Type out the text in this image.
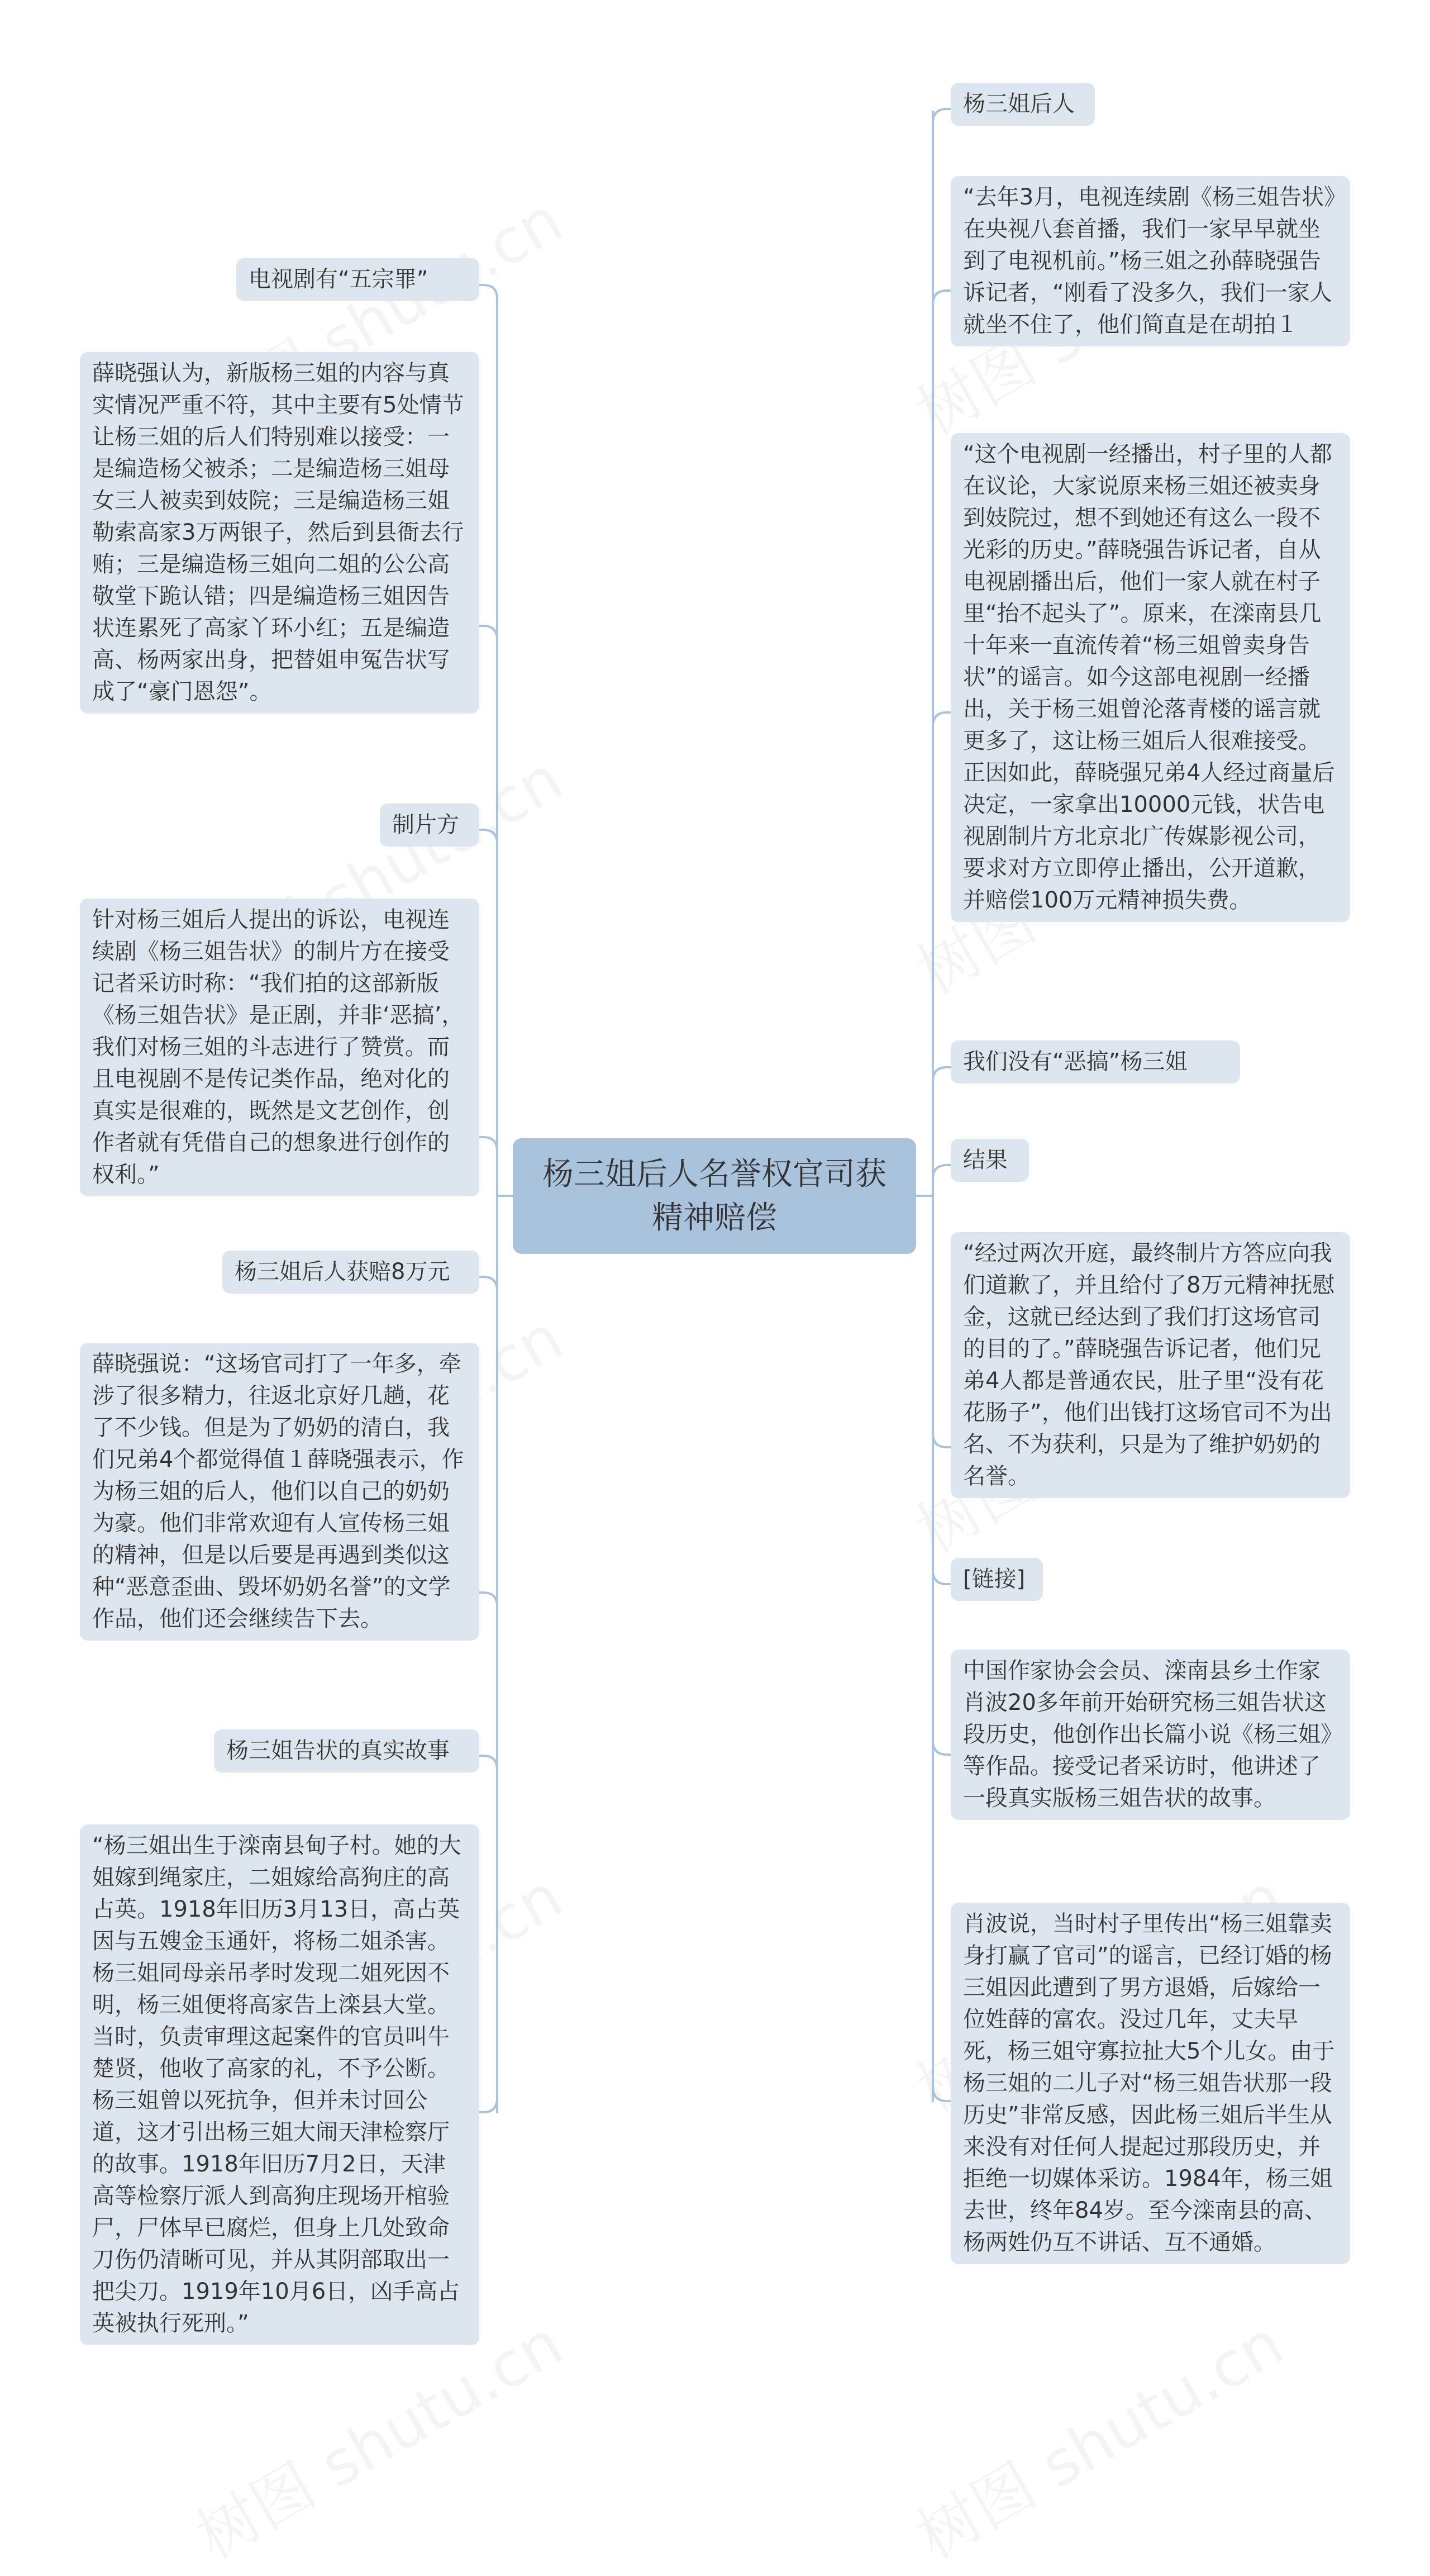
杨三姐后人名誉权官司获精神赔偿
电视剧有“五宗罪”
薛晓强认为，新版杨三姐的内容与真实情况严重不符，其中主要有5处情节让杨三姐的后人们特别难以接受：一是编造杨父被杀；二是编造杨三姐母女三人被卖到妓院；三是编造杨三姐勒索高家3万两银子，然后到县衙去行贿；三是编造杨三姐向二姐的公公高敬堂下跪认错；四是编造杨三姐因告状连累死了高家丫环小红；五是编造高、杨两家出身，把替姐申冤告状写成了“豪门恩怨”。
制片方
针对杨三姐后人提出的诉讼，电视连续剧《杨三姐告状》的制片方在接受记者采访时称：“我们拍的这部新版《杨三姐告状》是正剧，并非‘恶搞’，我们对杨三姐的斗志进行了赞赏。而且电视剧不是传记类作品，绝对化的真实是很难的，既然是文艺创作，创作者就有凭借自己的想象进行创作的权利。”
杨三姐后人获赔8万元
薛晓强说：“这场官司打了一年多，牵涉了很多精力，往返北京好几趟，花了不少钱。但是为了奶奶的清白，我们兄弟4个都觉得值１薛晓强表示，作为杨三姐的后人，他们以自己的奶奶为豪。他们非常欢迎有人宣传杨三姐的精神，但是以后要是再遇到类似这种“恶意歪曲、毁坏奶奶名誉”的文学作品，他们还会继续告下去。
杨三姐告状的真实故事
“杨三姐出生于滦南县甸子村。她的大姐嫁到绳家庄，二姐嫁给高狗庄的高占英。1918年旧历3月13日，高占英因与五嫂金玉通奸，将杨二姐杀害。杨三姐同母亲吊孝时发现二姐死因不明，杨三姐便将高家告上滦县大堂。当时，负责审理这起案件的官员叫牛楚贤，他收了高家的礼，不予公断。杨三姐曾以死抗争，但并未讨回公道，这才引出杨三姐大闹天津检察厅的故事。1918年旧历7月2日，天津高等检察厅派人到高狗庄现场开棺验尸，尸体早已腐烂，但身上几处致命刀伤仍清晰可见，并从其阴部取出一把尖刀。1919年10月6日，凶手高占英被执行死刑。”
杨三姐后人
“去年3月，电视连续剧《杨三姐告状》在央视八套首播，我们一家早早就坐到了电视机前。”杨三姐之孙薛晓强告诉记者，“刚看了没多久，我们一家人就坐不住了，他们简直是在胡拍１
“这个电视剧一经播出，村子里的人都在议论，大家说原来杨三姐还被卖身到妓院过，想不到她还有这么一段不光彩的历史。”薛晓强告诉记者，自从电视剧播出后，他们一家人就在村子里“抬不起头了”。原来，在滦南县几十年来一直流传着“杨三姐曾卖身告状”的谣言。如今这部电视剧一经播出，关于杨三姐曾沦落青楼的谣言就更多了，这让杨三姐后人很难接受。正因如此，薛晓强兄弟4人经过商量后决定，一家拿出10000元钱，状告电视剧制片方北京北广传媒影视公司，要求对方立即停止播出，公开道歉，并赔偿100万元精神损失费。
我们没有“恶搞”杨三姐
结果
“经过两次开庭，最终制片方答应向我们道歉了，并且给付了8万元精神抚慰金，这就已经达到了我们打这场官司的目的了。”薛晓强告诉记者，他们兄弟4人都是普通农民，肚子里“没有花花肠子”，他们出钱打这场官司不为出名、不为获利，只是为了维护奶奶的名誉。
[链接]
中国作家协会会员、滦南县乡土作家肖波20多年前开始研究杨三姐告状这段历史，他创作出长篇小说《杨三姐》等作品。接受记者采访时，他讲述了一段真实版杨三姐告状的故事。
肖波说，当时村子里传出“杨三姐靠卖身打赢了官司”的谣言，已经订婚的杨三姐因此遭到了男方退婚，后嫁给一位姓薛的富农。没过几年，丈夫早死，杨三姐守寡拉扯大5个儿女。由于杨三姐的二儿子对“杨三姐告状那一段历史”非常反感，因此杨三姐后半生从来没有对任何人提起过那段历史，并拒绝一切媒体采访。1984年，杨三姐去世，终年84岁。至今滦南县的高、杨两姓仍互不讲话、互不通婚。
